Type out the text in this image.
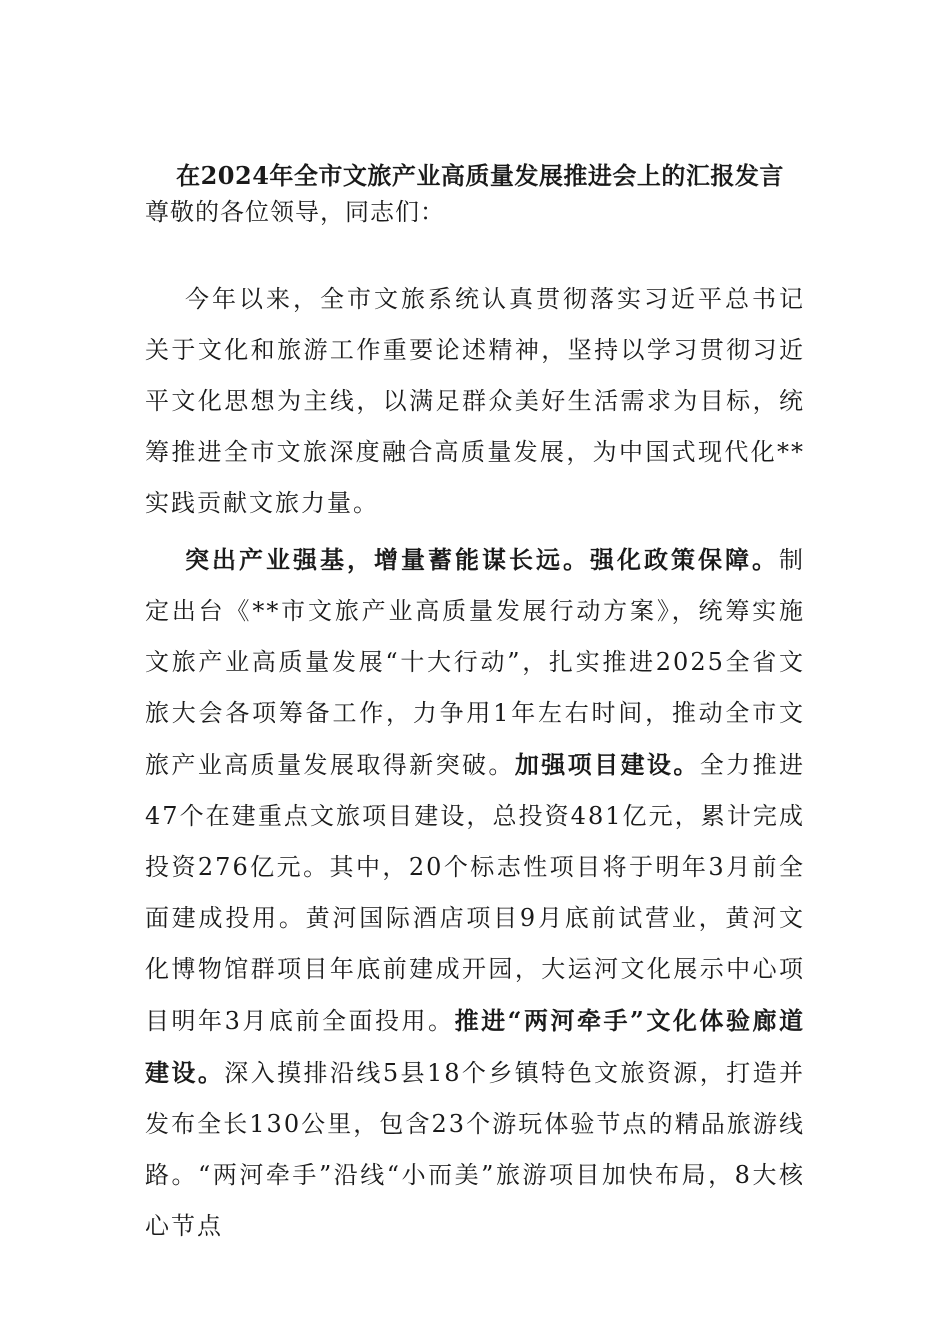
在2024年全市文旅产业高质量发展推进会上的汇报发言
尊敬的各位领导，同志们：

今年以来，全市文旅系统认真贯彻落实习近平总书记关于文化和旅游工作重要论述精神，坚持以学习贯彻习近平文化思想为主线，以满足群众美好生活需求为目标，统筹推进全市文旅深度融合高质量发展，为中国式现代化**实践贡献文旅力量。

突出产业强基，增量蓄能谋长远。强化政策保障。制定出台《**市文旅产业高质量发展行动方案》，统筹实施文旅产业高质量发展“十大行动”，扎实推进2025全省文旅大会各项筹备工作，力争用1年左右时间，推动全市文旅产业高质量发展取得新突破。加强项目建设。全力推进47个在建重点文旅项目建设，总投资481亿元，累计完成投资276亿元。其中，20个标志性项目将于明年3月前全面建成投用。黄河国际酒店项目9月底前试营业，黄河文化博物馆群项目年底前建成开园，大运河文化展示中心项目明年3月底前全面投用。推进“两河牵手”文化体验廊道建设。深入摸排沿线5县18个乡镇特色文旅资源，打造并发布全长130公里，包含23个游玩体验节点的精品旅游线路。“两河牵手”沿线“小而美”旅游项目加快布局，8大核心节点
